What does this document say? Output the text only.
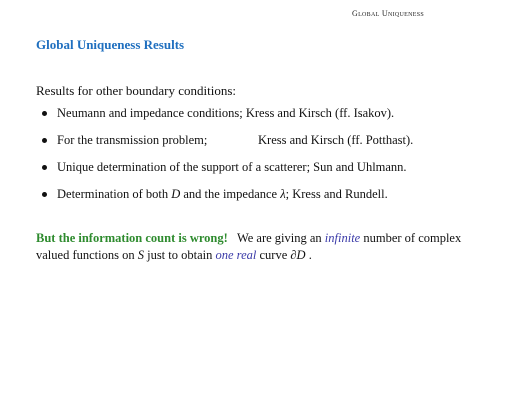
Global Uniqueness
Global Uniqueness Results
Results for other boundary conditions:
Neumann and impedance conditions; Kress and Kirsch (ff. Isakov).
For the transmission problem;	Kress and Kirsch (ff. Potthast).
Unique determination of the support of a scatterer; Sun and Uhlmann.
Determination of both D and the impedance λ; Kress and Rundell.
But the information count is wrong!   We are giving an infinite number of complex valued functions on S just to obtain one real curve ∂D .
